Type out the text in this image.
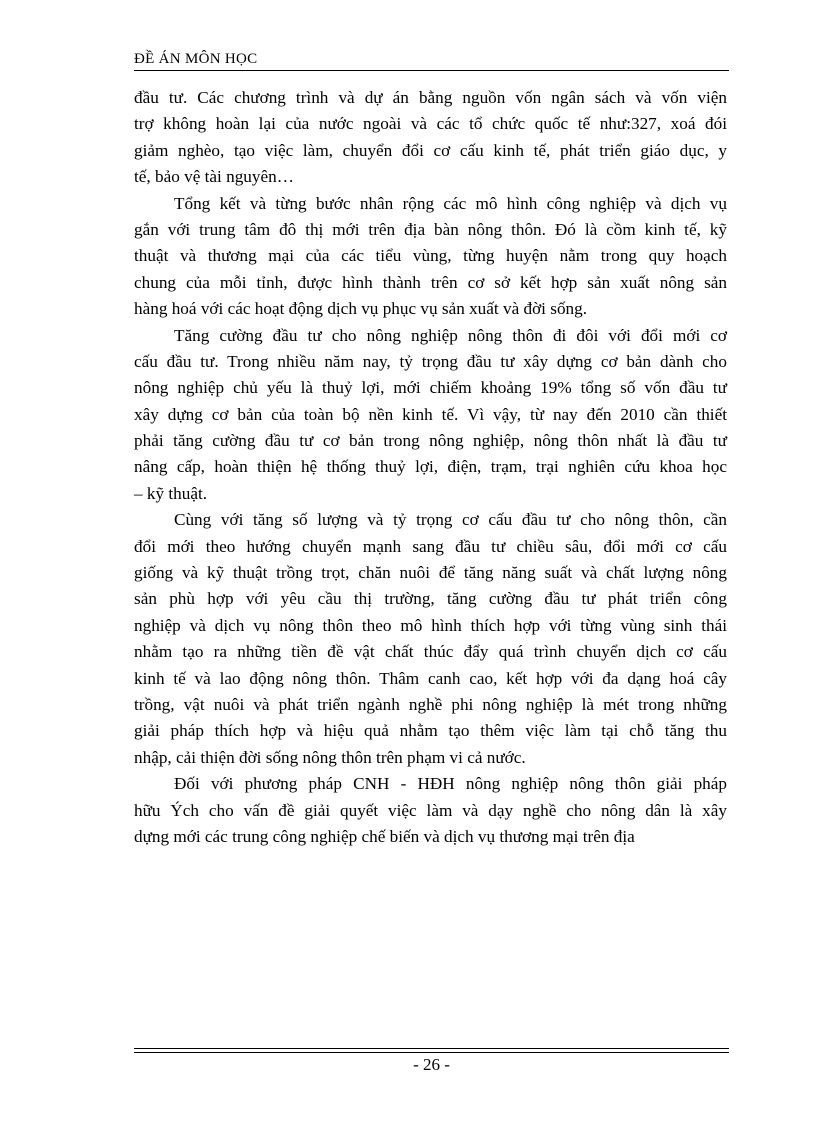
ĐỀ ÁN MÔN HỌC
đầu tư. Các chương trình và dự án bằng nguồn vốn ngân sách và vốn viện
trợ không hoàn lại của nước ngoài và các tổ chức quốc tế như:327, xoá đói
giảm nghèo, tạo việc làm, chuyển đổi cơ cấu kinh tế, phát triển giáo dục, y
tế, bảo vệ tài nguyên…
Tổng kết và từng bước nhân rộng các mô hình công nghiệp và dịch vụ
gắn với trung tâm đô thị mới trên địa bàn nông thôn. Đó là cồm kinh tế, kỹ
thuật và thương mại của các tiểu vùng, từng huyện nằm trong quy hoạch
chung của mỗi tỉnh, được hình thành trên cơ sở kết hợp sản xuất nông sản
hàng hoá với các hoạt động dịch vụ phục vụ sản xuất và đời sống.
Tăng cường đầu tư cho nông nghiệp nông thôn đi đôi với đổi mới cơ
cấu đầu tư. Trong nhiều năm nay, tỷ trọng đầu tư xây dựng cơ bản dành cho
nông nghiệp chủ yếu là thuỷ lợi, mới chiếm khoảng 19% tổng số vốn đầu tư
xây dựng cơ bản của toàn bộ nền kinh tế. Vì vậy, từ nay đến 2010 cần thiết
phải tăng cường đầu tư cơ bản trong nông nghiệp, nông thôn nhất là đầu tư
nâng cấp, hoàn thiện hệ thống thuỷ lợi, điện, trạm, trại nghiên cứu khoa học
– kỹ thuật.
Cùng với tăng số lượng và tỷ trọng cơ cấu đầu tư cho nông thôn, cần
đổi mới theo hướng chuyển mạnh sang đầu tư chiều sâu, đổi mới cơ cấu
giống và kỹ thuật trồng trọt, chăn nuôi để tăng năng suất và chất lượng nông
sản phù hợp với yêu cầu thị trường, tăng cường đầu tư phát triển công
nghiệp và dịch vụ nông thôn theo mô hình thích hợp với từng vùng sinh thái
nhằm tạo ra những tiền đề vật chất thúc đẩy quá trình chuyển dịch cơ cấu
kinh tế và lao động nông thôn. Thâm canh cao, kết hợp với đa dạng hoá cây
trồng, vật nuôi và phát triển ngành nghề phi nông nghiệp là mét trong những
giải pháp thích hợp và hiệu quả nhằm tạo thêm việc làm tại chỗ tăng thu
nhập, cải thiện đời sống nông thôn trên phạm vi cả nước.
Đối với phương pháp CNH - HĐH nông nghiệp nông thôn giải pháp
hữu Ých cho vấn đề giải quyết việc làm và dạy nghề cho nông dân là xây
dựng mới các trung công nghiệp chế biến và dịch vụ thương mại trên địa
- 26 -
